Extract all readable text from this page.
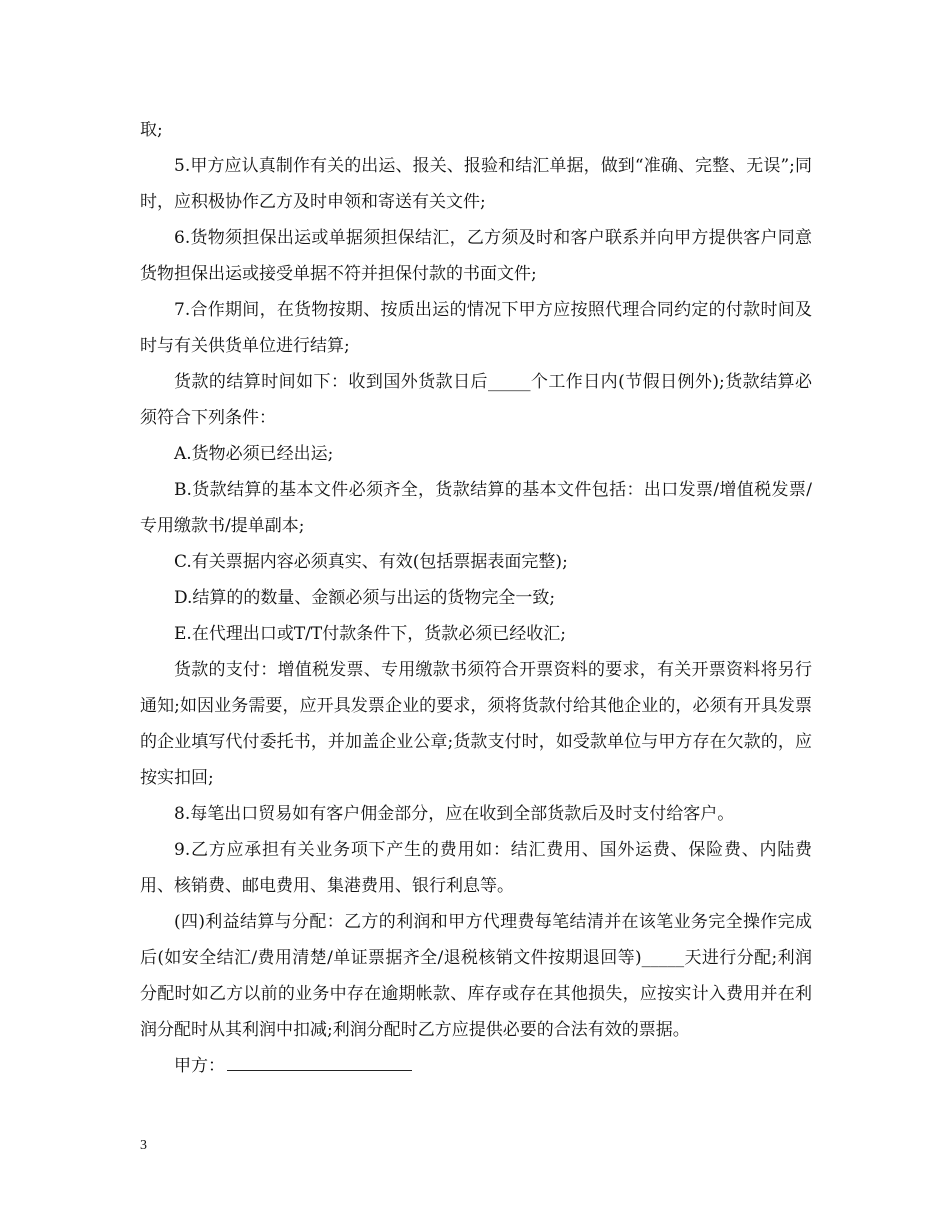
取;

5.甲方应认真制作有关的出运、报关、报验和结汇单据，做到“准确、完整、无误”;同时，应积极协作乙方及时申领和寄送有关文件;

6.货物须担保出运或单据须担保结汇，乙方须及时和客户联系并向甲方提供客户同意货物担保出运或接受单据不符并担保付款的书面文件;

7.合作期间，在货物按期、按质出运的情况下甲方应按照代理合同约定的付款时间及时与有关供货单位进行结算;

货款的结算时间如下：收到国外货款日后_____个工作日内(节假日例外);货款结算必须符合下列条件：

A.货物必须已经出运;

B.货款结算的基本文件必须齐全，货款结算的基本文件包括：出口发票/增值税发票/专用缴款书/提单副本;

C.有关票据内容必须真实、有效(包括票据表面完整);

D.结算的的数量、金额必须与出运的货物完全一致;

E.在代理出口或T/T付款条件下，货款必须已经收汇;

货款的支付：增值税发票、专用缴款书须符合开票资料的要求，有关开票资料将另行通知;如因业务需要，应开具发票企业的要求，须将货款付给其他企业的，必须有开具发票的企业填写代付委托书，并加盖企业公章;货款支付时，如受款单位与甲方存在欠款的，应按实扣回;

8.每笔出口贸易如有客户佣金部分，应在收到全部货款后及时支付给客户。

9.乙方应承担有关业务项下产生的费用如：结汇费用、国外运费、保险费、内陆费用、核销费、邮电费用、集港费用、银行利息等。

(四)利益结算与分配：乙方的利润和甲方代理费每笔结清并在该笔业务完全操作完成后(如安全结汇/费用清楚/单证票据齐全/退税核销文件按期退回等)_____天进行分配;利润分配时如乙方以前的业务中存在逾期帐款、库存或存在其他损失，应按实计入费用并在利润分配时从其利润中扣减;利润分配时乙方应提供必要的合法有效的票据。

甲方：

3
